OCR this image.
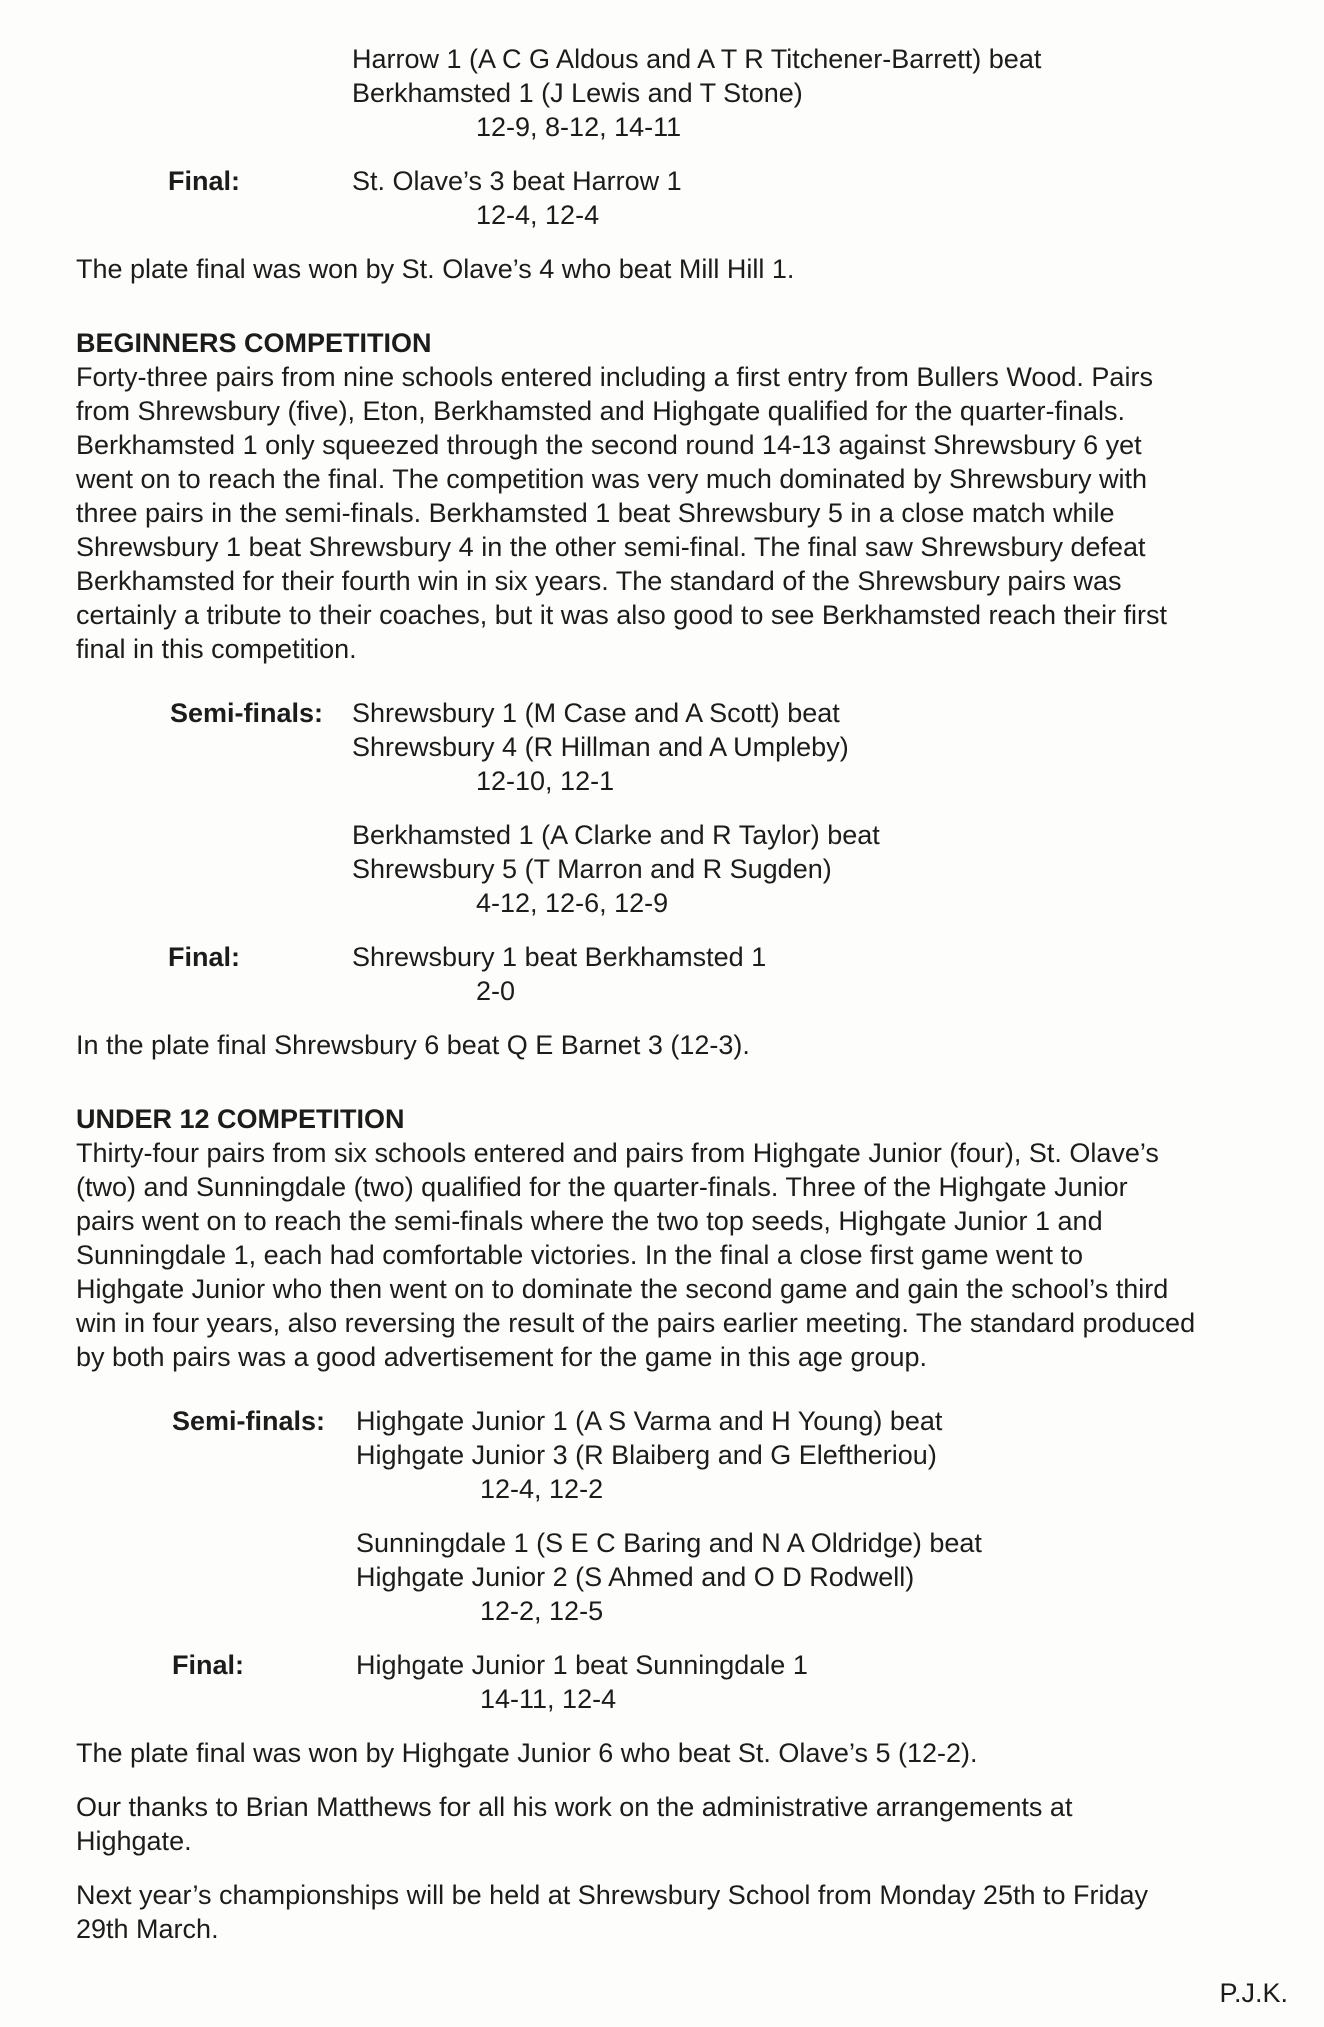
Harrow 1 (A C G Aldous and A T R Titchener-Barrett) beat
Berkhamsted 1 (J Lewis and T Stone)
12-9, 8-12, 14-11
Final:	St. Olave’s 3 beat Harrow 1
12-4, 12-4

The plate final was won by St. Olave’s 4 who beat Mill Hill 1.

BEGINNERS COMPETITION

Forty-three pairs from nine schools entered including a first entry from Bullers Wood. Pairs
from Shrewsbury (five), Eton, Berkhamsted and Highgate qualified for the quarter-finals.
Berkhamsted 1 only squeezed through the second round 14-13 against Shrewsbury 6 yet
went on to reach the final. The competition was very much dominated by Shrewsbury with
three pairs in the semi-finals. Berkhamsted 1 beat Shrewsbury 5 in a close match while
Shrewsbury 1 beat Shrewsbury 4 in the other semi-final. The final saw Shrewsbury defeat
Berkhamsted for their fourth win in six years. The standard of the Shrewsbury pairs was
certainly a tribute to their coaches, but it was also good to see Berkhamsted reach their first
final in this competition.
Semi-finals: Shrewsbury 1 (M Case and A Scott) beat
Shrewsbury 4 (R Hillman and A Umpleby)
12-10, 12-1
Berkhamsted 1 (A Clarke and R Taylor) beat
Shrewsbury 5 (T Marron and R Sugden)
4-12, 12-6, 12-9
Final:	Shrewsbury 1 beat Berkhamsted 1
2-0

In the plate final Shrewsbury 6 beat Q E Barnet 3 (12-3).

UNDER 12 COMPETITION

Thirty-four pairs from six schools entered and pairs from Highgate Junior (four), St. Olave’s
(two) and Sunningdale (two) qualified for the quarter-finals. Three of the Highgate Junior
pairs went on to reach the semi-finals where the two top seeds, Highgate Junior 1 and
Sunningdale 1, each had comfortable victories. In the final a close first game went to
Highgate Junior who then went on to dominate the second game and gain the school’s third
win in four years, also reversing the result of the pairs earlier meeting. The standard produced
by both pairs was a good advertisement for the game in this age group.
Semi-finals: Highgate Junior 1 (A S Varma and H Young) beat
Highgate Junior 3 (R Blaiberg and G Eleftheriou)
12-4, 12-2
Sunningdale 1 (S E C Baring and N A Oldridge) beat
Highgate Junior 2 (S Ahmed and O D Rodwell)
12-2, 12-5
Final:	Highgate Junior 1 beat Sunningdale 1
14-11, 12-4

The plate final was won by Highgate Junior 6 who beat St. Olave’s 5 (12-2).

Our thanks to Brian Matthews for all his work on the administrative arrangements at
Highgate.
Next year’s championships will be held at Shrewsbury School from Monday 25th to Friday
29th March.
P.J.K.
